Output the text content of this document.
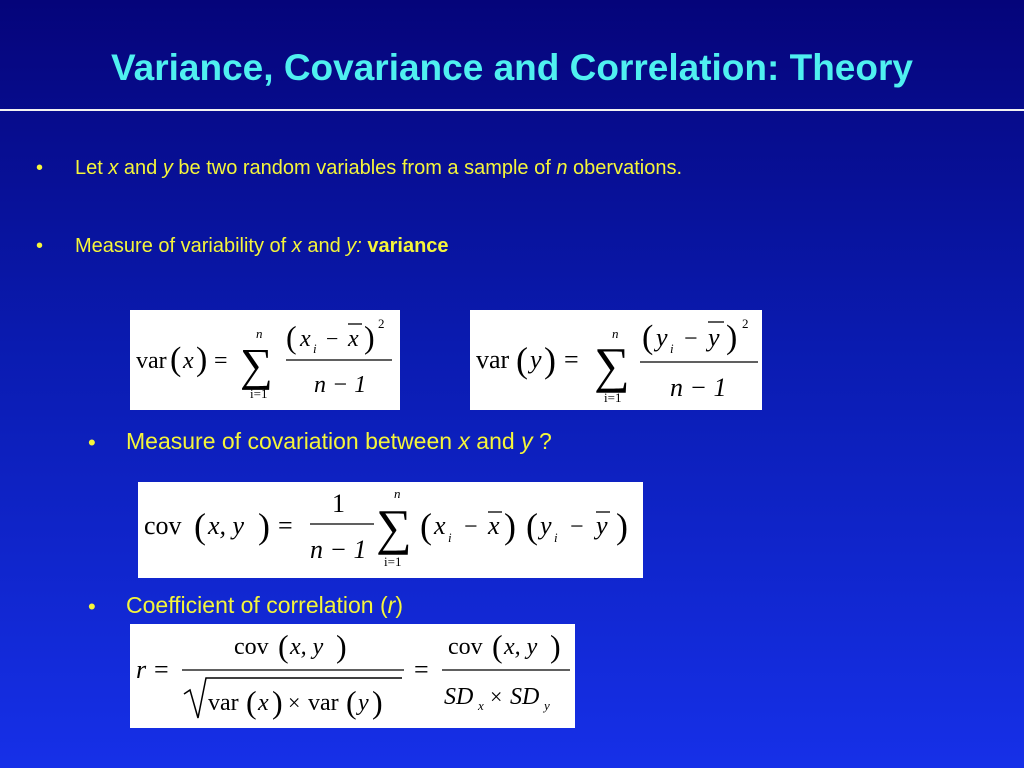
Variance, Covariance and Correlation: Theory
• Let x and y be two random variables from a sample of n obervations.
• Measure of variability of x and y: variance
var ( x ) =
n
∑
i=1
( x i − x ) 2
n − 1
var ( y ) =
n
∑
i=1
( y i − y ) 2
n − 1
• Measure of covariation between x and y ?
cov ( x, y ) =
1
n − 1
n
∑
i=1
( x i − x ) ( y i − y )
• Coefficient of correlation (r)
r =
cov ( x, y )
var ( x ) × var ( y )
=
cov ( x, y )
SD x × SD y
